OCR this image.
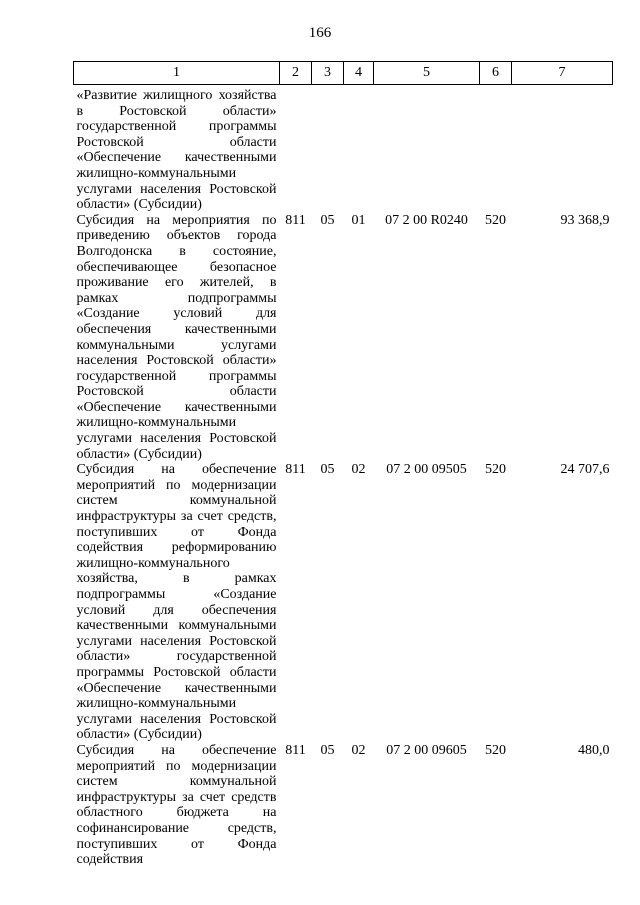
166
1	2	3	4	5	6	7
«Развитие жилищного хозяйства в Ростовской области» государственной программы Ростовской области «Обеспечение качественными жилищно-коммунальными услугами населения Ростовской области» (Субсидии)						
Субсидия на мероприятия по приведению объектов города Волгодонска в состояние, обеспечивающее безопасное проживание его жителей, в рамках подпрограммы «Создание условий для обеспечения качественными коммунальными услугами населения Ростовской области» государственной программы Ростовской области «Обеспечение качественными жилищно-коммунальными услугами населения Ростовской области» (Субсидии)	811	05	01	07 2 00 R0240	520	93 368,9
Субсидия на обеспечение мероприятий по модернизации систем коммунальной инфраструктуры за счет средств, поступивших от Фонда содействия реформированию жилищно-коммунального хозяйства, в рамках подпрограммы «Создание условий для обеспечения качественными коммунальными услугами населения Ростовской области» государственной программы Ростовской области «Обеспечение качественными жилищно-коммунальными услугами населения Ростовской области» (Субсидии)	811	05	02	07 2 00 09505	520	24 707,6
Субсидия на обеспечение мероприятий по модернизации систем коммунальной инфраструктуры за счет средств областного бюджета на софинансирование средств, поступивших от Фонда содействия	811	05	02	07 2 00 09605	520	480,0
